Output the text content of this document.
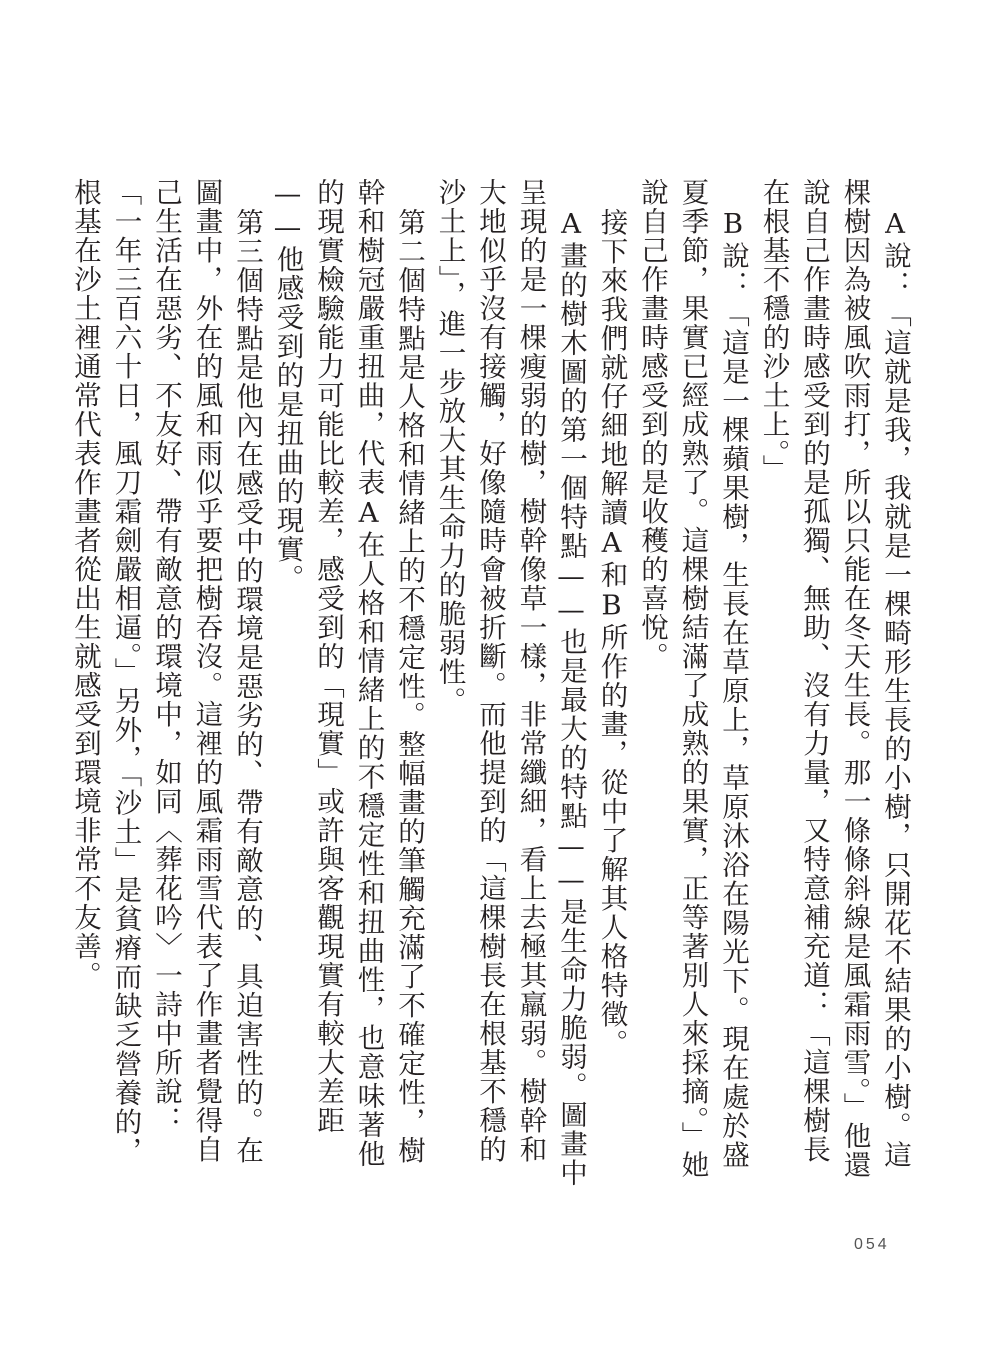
A說：「這就是我，我就是一棵畸形生長的小樹，只開花不結果的小樹。這棵樹因為被風吹雨打，所以只能在冬天生長。那一條條斜線是風霜雨雪。」他還說自己作畫時感受到的是孤獨、無助、沒有力量，又特意補充道：「這棵樹長在根基不穩的沙土上。」

B說：「這是一棵蘋果樹，生長在草原上，草原沐浴在陽光下。現在處於盛夏季節，果實已經成熟了。這棵樹結滿了成熟的果實，正等著別人來採摘。」她說自己作畫時感受到的是收穫的喜悅。

接下來我們就仔細地解讀A和B所作的畫，從中了解其人格特徵。

A畫的樹木圖的第一個特點——也是最大的特點——是生命力脆弱。圖畫中呈現的是一棵瘦弱的樹，樹幹像草一樣，非常纖細，看上去極其羸弱。樹幹和大地似乎沒有接觸，好像隨時會被折斷。而他提到的「這棵樹長在根基不穩的沙土上」，進一步放大其生命力的脆弱性。

第二個特點是人格和情緒上的不穩定性。整幅畫的筆觸充滿了不確定性，樹幹和樹冠嚴重扭曲，代表A在人格和情緒上的不穩定性和扭曲性，也意味著他的現實檢驗能力可能比較差，感受到的「現實」或許與客觀現實有較大差距——他感受到的是扭曲的現實。

第三個特點是他內在感受中的環境是惡劣的、帶有敵意的、具迫害性的。在圖畫中，外在的風和雨似乎要把樹吞沒。這裡的風霜雨雪代表了作畫者覺得自己生活在惡劣、不友好、帶有敵意的環境中，如同〈葬花吟〉一詩中所說：「一年三百六十日，風刀霜劍嚴相逼。」另外，「沙土」是貧瘠而缺乏營養的，根基在沙土裡通常代表作畫者從出生就感受到環境非常不友善。

054
